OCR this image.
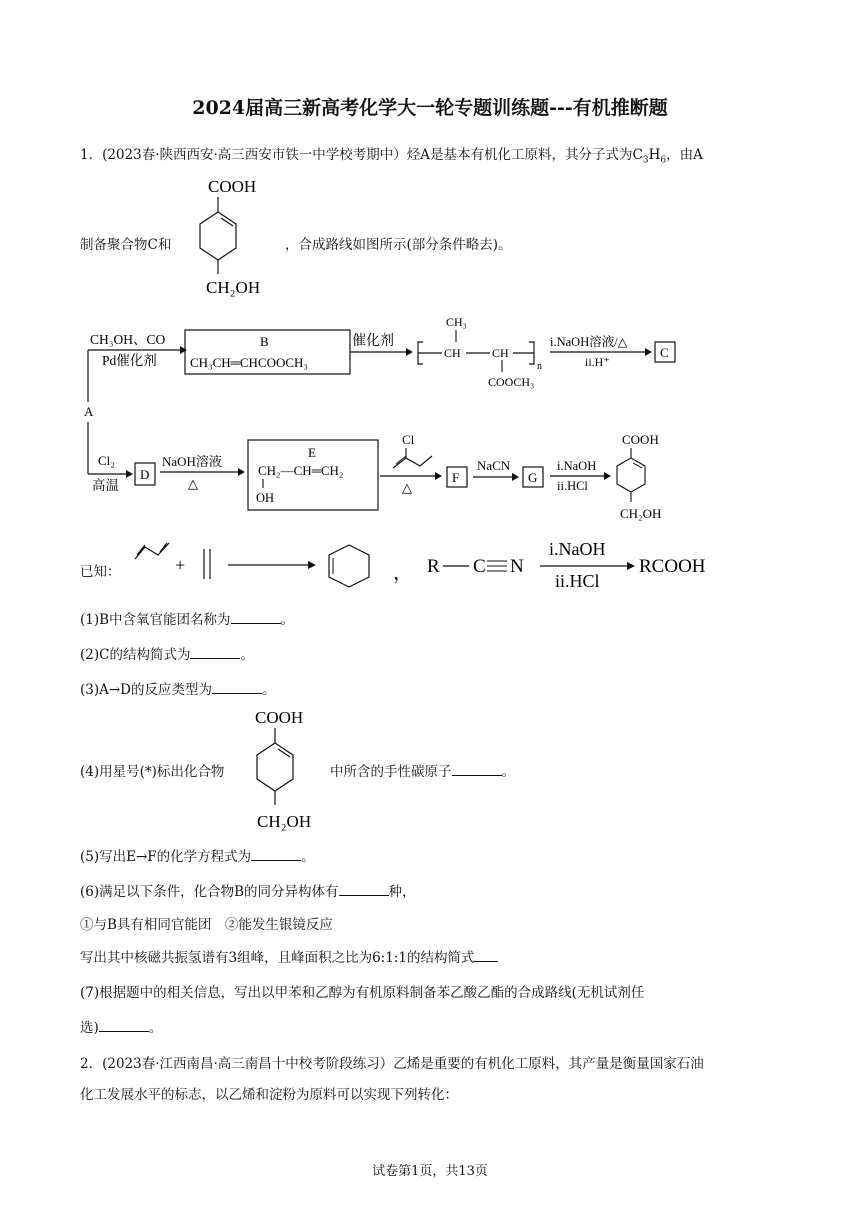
2024届高三新高考化学大一轮专题训练题---有机推断题
1．(2023春·陕西西安·高三西安市铁一中学校考期中）烃A是基本有机化工原料，其分子式为$C_3H_6$，由A
制备聚合物C和
COOH
CH₂OH
，合成路线如图所示(部分条件略去)。
CH₃OH、CO
Pd催化剂
B
CH₃CH═CHCOOCH₃
催化剂
CH₃
CH	CH
n
COOCH₃
i.NaOH溶液/△
ii.H⁺
C
A
Cl₂
高温
D
NaOH溶液
△
E
CH₂—CH═CH₂
OH
Cl
△
F
NaCN
G
i.NaOH
ii.HCl
COOH
CH₂OH
已知：	+	， R C N
i.NaOH
ii.HCl
RCOOH
(1)B中含氧官能团名称为	。
(2)C的结构简式为	。
(3)A→D的反应类型为	。
(4)用星号(*)标出化合物
COOH
CH₂OH
中所含的手性碳原子	。
(5)写出E→F的化学方程式为	。
(6)满足以下条件，化合物B的同分异构体有	种，
①与B具有相同官能团　②能发生银镜反应
写出其中核磁共振氢谱有3组峰，且峰面积之比为6:1:1的结构简式
(7)根据题中的相关信息，写出以甲苯和乙醇为有机原料制备苯乙酸乙酯的合成路线(无机试剂任
选)	。
2．(2023春·江西南昌·高三南昌十中校考阶段练习）乙烯是重要的有机化工原料，其产量是衡量国家石油
化工发展水平的标志，以乙烯和淀粉为原料可以实现下列转化：
试卷第1页，共13页
